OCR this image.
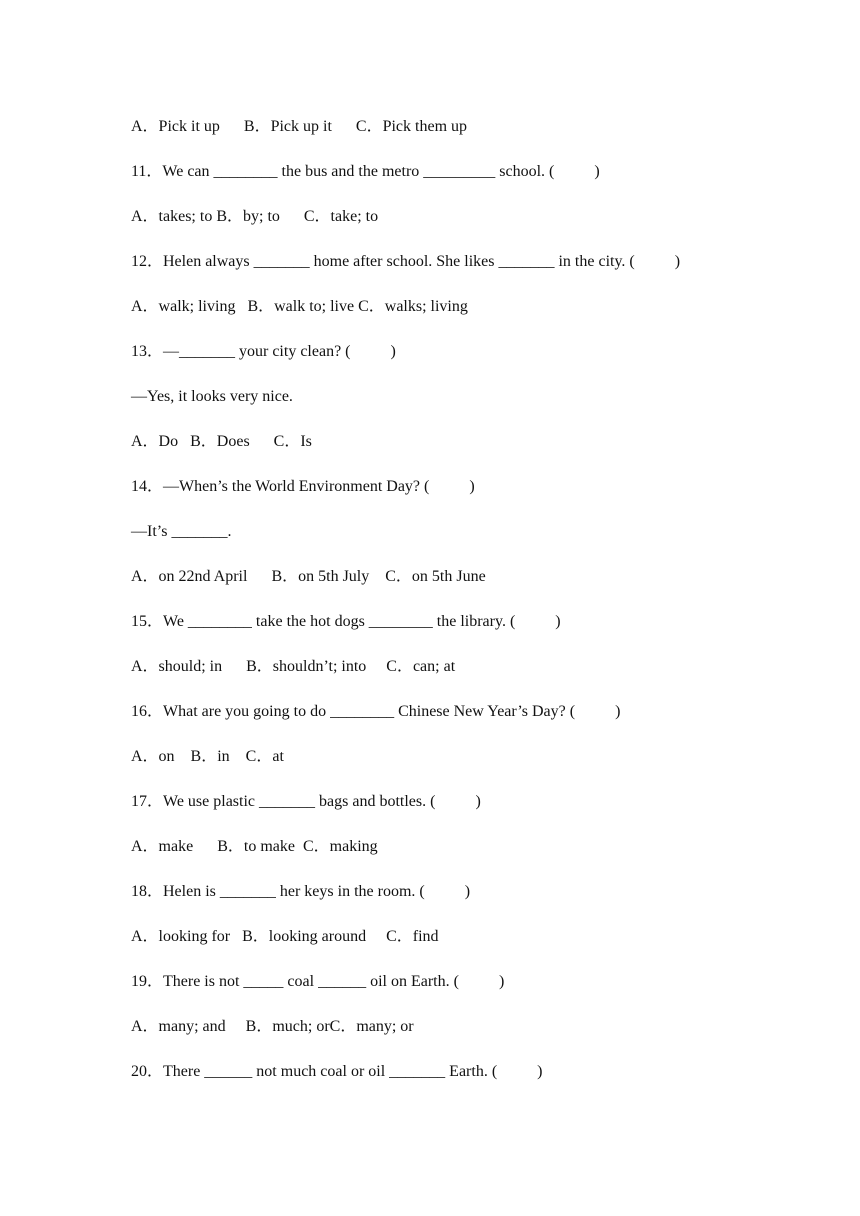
A．Pick it up      B．Pick up it      C．Pick them up
11．We can ________ the bus and the metro _________ school. (          )
A．takes; to B．by; to      C．take; to
12．Helen always _______ home after school. She likes _______ in the city. (          )
A．walk; living   B．walk to; live C．walks; living
13．—_______ your city clean? (          )
—Yes, it looks very nice.
A．Do   B．Does      C．Is
14．—When’s the World Environment Day? (          )
—It’s _______.
A．on 22nd April      B．on 5th July    C．on 5th June
15．We ________ take the hot dogs ________ the library. (          )
A．should; in      B．shouldn’t; into     C．can; at
16．What are you going to do ________ Chinese New Year’s Day? (          )
A．on    B．in    C．at
17．We use plastic _______ bags and bottles. (          )
A．make      B．to make  C．making
18．Helen is _______ her keys in the room. (          )
A．looking for   B．looking around     C．find
19．There is not _____ coal ______ oil on Earth. (          )
A．many; and     B．much; orC．many; or
20．There ______ not much coal or oil _______ Earth. (          )
